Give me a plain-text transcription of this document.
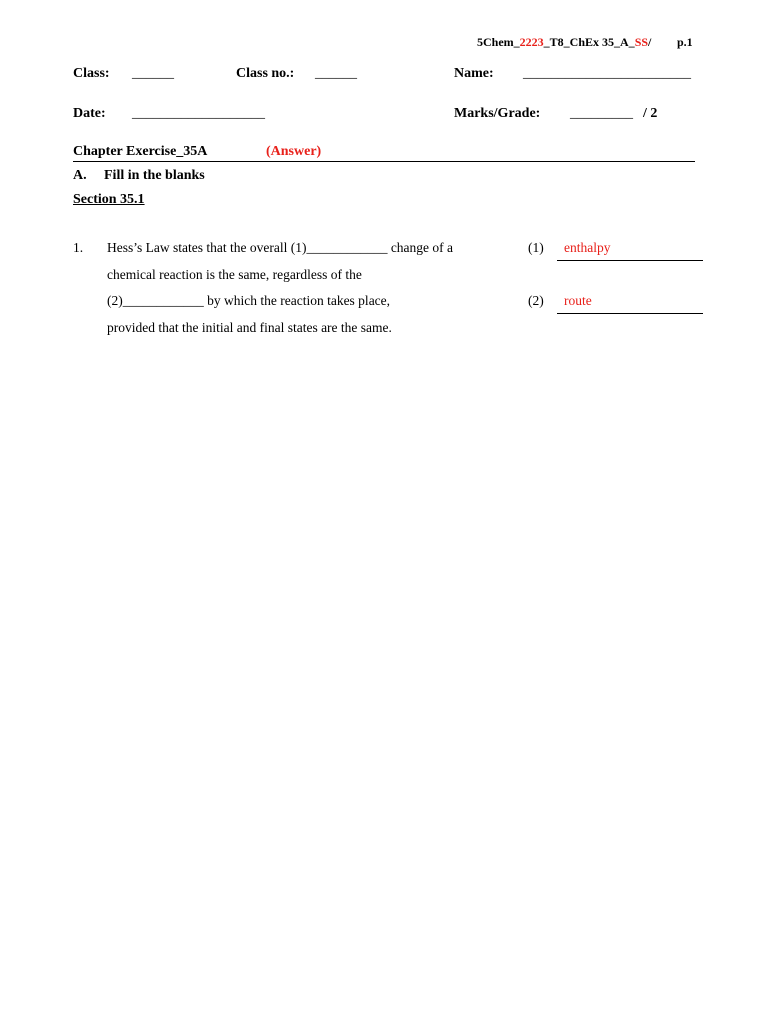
5Chem_2223_T8_ChEx 35_A_SS/ p.1
Class: ______	Class no.: ______	Name: ________________________
Date: ___________________	Marks/Grade: _________ / 2
Chapter Exercise_35A	(Answer)
A. Fill in the blanks
Section 35.1
1. Hess’s Law states that the overall (1)____________ change of a
chemical reaction is the same, regardless of the
(2)____________ by which the reaction takes place,
provided that the initial and final states are the same.
(1) enthalpy
(2) route
